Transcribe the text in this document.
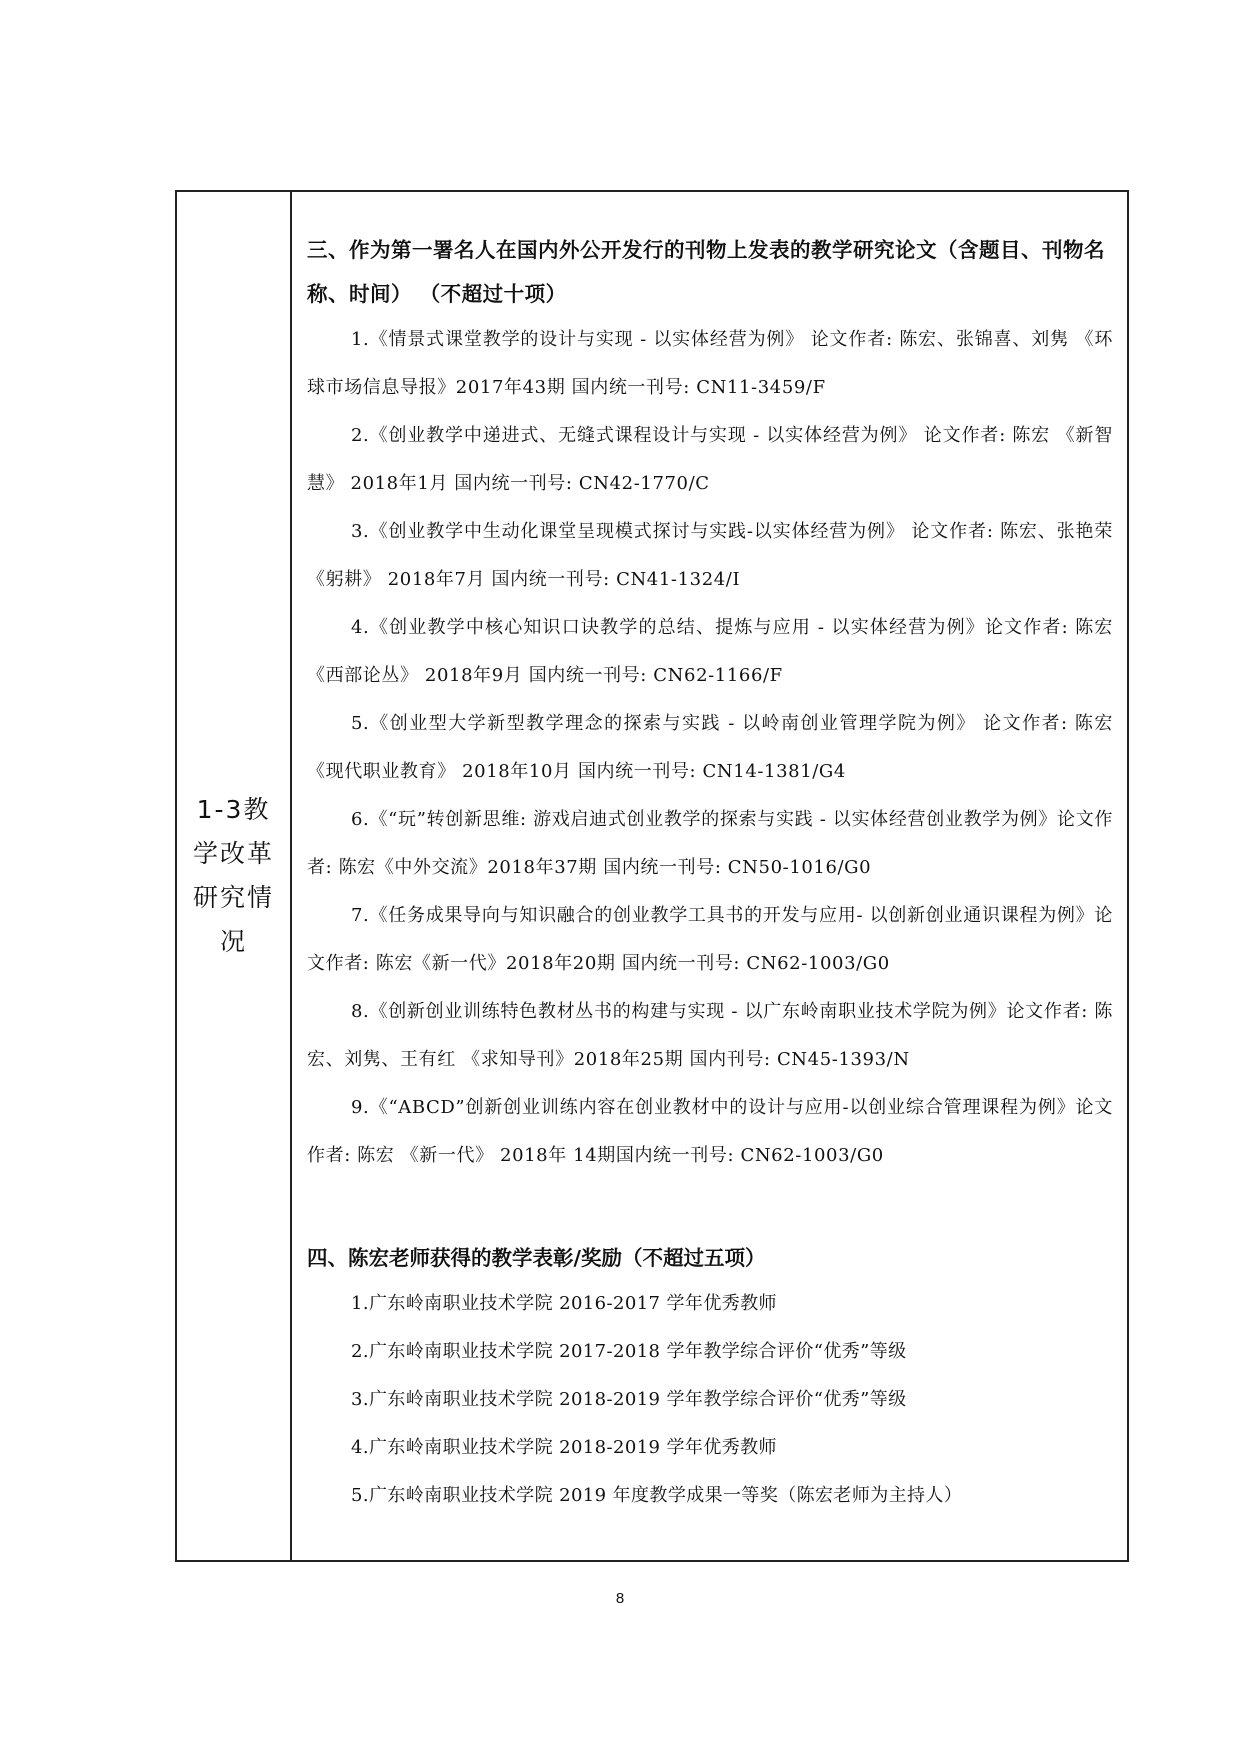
1-3教学改革研究情况
三、作为第一署名人在国内外公开发行的刊物上发表的教学研究论文（含题目、刊物名称、时间） （不超过十项）
1.《情景式课堂教学的设计与实现 - 以实体经营为例》 论文作者: 陈宏、张锦喜、刘隽 《环球市场信息导报》2017年43期 国内统一刊号: CN11-3459/F
2.《创业教学中递进式、无缝式课程设计与实现 - 以实体经营为例》 论文作者: 陈宏 《新智慧》 2018年1月 国内统一刊号: CN42-1770/C
3.《创业教学中生动化课堂呈现模式探讨与实践-以实体经营为例》 论文作者: 陈宏、张艳荣 《躬耕》 2018年7月 国内统一刊号: CN41-1324/I
4.《创业教学中核心知识口诀教学的总结、提炼与应用 - 以实体经营为例》论文作者: 陈宏 《西部论丛》 2018年9月 国内统一刊号: CN62-1166/F
5.《创业型大学新型教学理念的探索与实践 - 以岭南创业管理学院为例》 论文作者: 陈宏 《现代职业教育》 2018年10月 国内统一刊号: CN14-1381/G4
6.《“玩”转创新思维: 游戏启迪式创业教学的探索与实践 - 以实体经营创业教学为例》论文作者: 陈宏《中外交流》2018年37期 国内统一刊号: CN50-1016/G0
7.《任务成果导向与知识融合的创业教学工具书的开发与应用- 以创新创业通识课程为例》论文作者: 陈宏《新一代》2018年20期 国内统一刊号: CN62-1003/G0
8.《创新创业训练特色教材丛书的构建与实现 - 以广东岭南职业技术学院为例》论文作者: 陈宏、刘隽、王有红 《求知导刊》2018年25期 国内刊号: CN45-1393/N
9.《“ABCD”创新创业训练内容在创业教材中的设计与应用-以创业综合管理课程为例》论文作者: 陈宏 《新一代》 2018年 14期国内统一刊号: CN62-1003/G0
四、陈宏老师获得的教学表彰/奖励（不超过五项）
1.广东岭南职业技术学院 2016-2017 学年优秀教师
2.广东岭南职业技术学院 2017-2018 学年教学综合评价“优秀”等级
3.广东岭南职业技术学院 2018-2019 学年教学综合评价“优秀”等级
4.广东岭南职业技术学院 2018-2019 学年优秀教师
5.广东岭南职业技术学院 2019 年度教学成果一等奖（陈宏老师为主持人）
8
